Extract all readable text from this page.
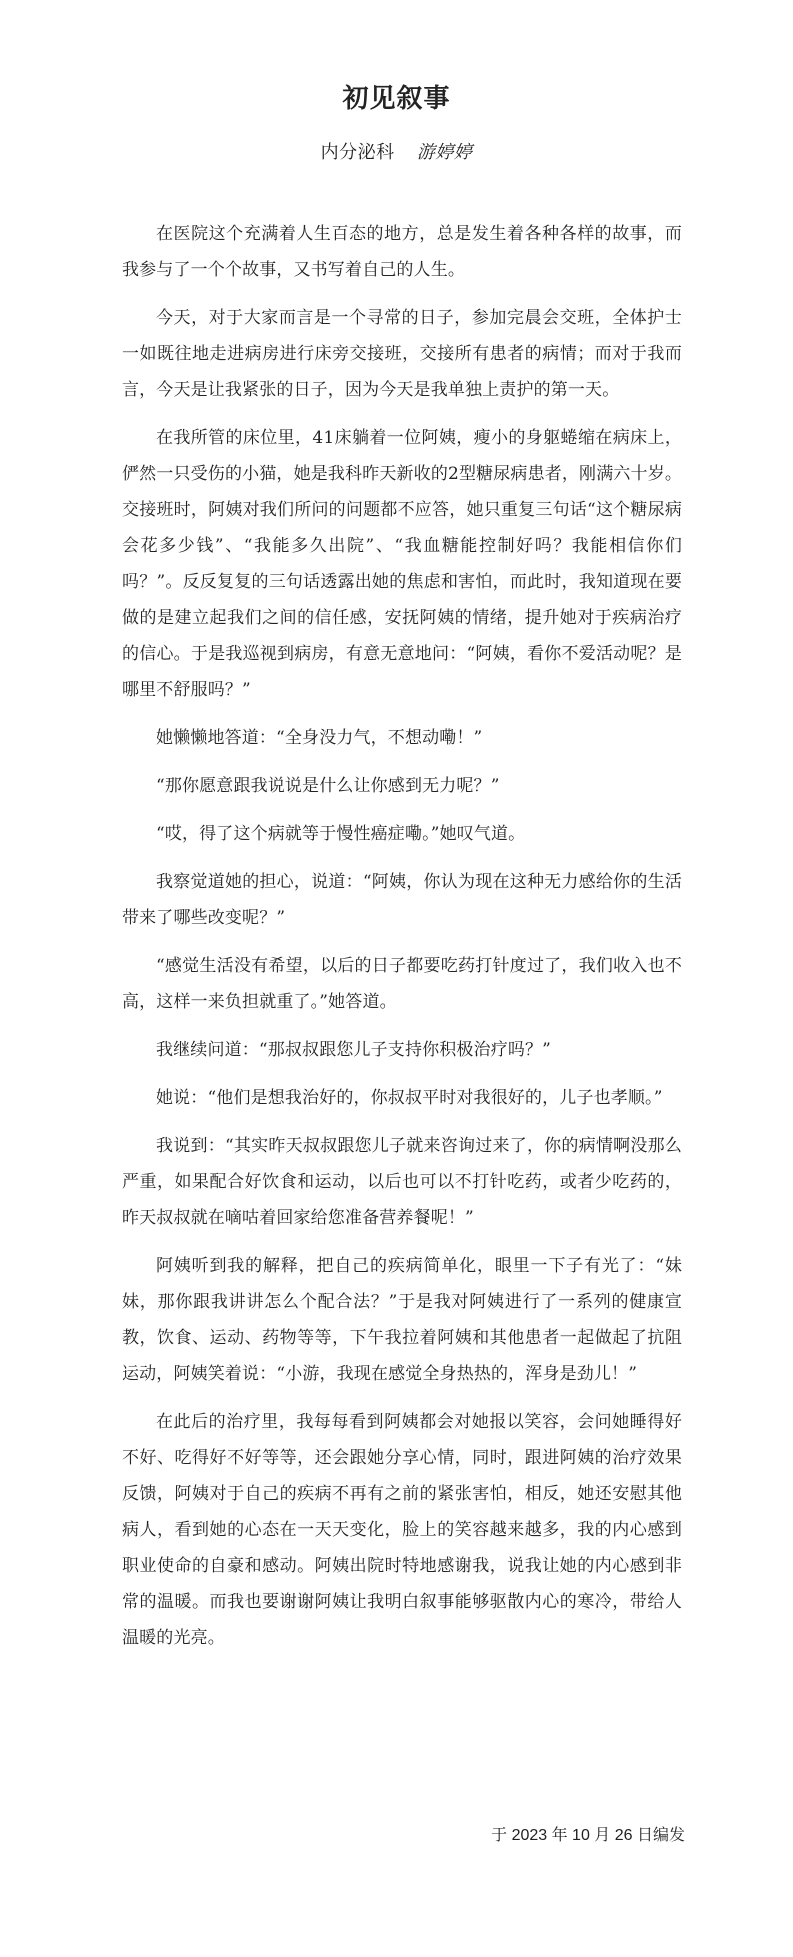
初见叙事
内分泌科 游婷婷

在医院这个充满着人生百态的地方，总是发生着各种各样的故事，而我参与了一个个故事，又书写着自己的人生。

今天，对于大家而言是一个寻常的日子，参加完晨会交班，全体护士一如既往地走进病房进行床旁交接班，交接所有患者的病情；而对于我而言，今天是让我紧张的日子，因为今天是我单独上责护的第一天。

在我所管的床位里，41床躺着一位阿姨，瘦小的身躯蜷缩在病床上，俨然一只受伤的小猫，她是我科昨天新收的2型糖尿病患者，刚满六十岁。交接班时，阿姨对我们所问的问题都不应答，她只重复三句话“这个糖尿病会花多少钱”、“我能多久出院”、“我血糖能控制好吗？我能相信你们吗？”。反反复复的三句话透露出她的焦虑和害怕，而此时，我知道现在要做的是建立起我们之间的信任感，安抚阿姨的情绪，提升她对于疾病治疗的信心。于是我巡视到病房，有意无意地问：“阿姨，看你不爱活动呢？是哪里不舒服吗？”

她懒懒地答道：“全身没力气，不想动嘞！”

“那你愿意跟我说说是什么让你感到无力呢？”

“哎，得了这个病就等于慢性癌症嘞。”她叹气道。

我察觉道她的担心，说道：“阿姨，你认为现在这种无力感给你的生活带来了哪些改变呢？”

“感觉生活没有希望，以后的日子都要吃药打针度过了，我们收入也不高，这样一来负担就重了。”她答道。

我继续问道：“那叔叔跟您儿子支持你积极治疗吗？”

她说：“他们是想我治好的，你叔叔平时对我很好的，儿子也孝顺。”

我说到：“其实昨天叔叔跟您儿子就来咨询过来了，你的病情啊没那么严重，如果配合好饮食和运动，以后也可以不打针吃药，或者少吃药的，昨天叔叔就在嘀咕着回家给您准备营养餐呢！”

阿姨听到我的解释，把自己的疾病简单化，眼里一下子有光了：“妹妹，那你跟我讲讲怎么个配合法？”于是我对阿姨进行了一系列的健康宣教，饮食、运动、药物等等，下午我拉着阿姨和其他患者一起做起了抗阻运动，阿姨笑着说：“小游，我现在感觉全身热热的，浑身是劲儿！”

在此后的治疗里，我每每看到阿姨都会对她报以笑容，会问她睡得好不好、吃得好不好等等，还会跟她分享心情，同时，跟进阿姨的治疗效果反馈，阿姨对于自己的疾病不再有之前的紧张害怕，相反，她还安慰其他病人，看到她的心态在一天天变化，脸上的笑容越来越多，我的内心感到职业使命的自豪和感动。阿姨出院时特地感谢我，说我让她的内心感到非常的温暖。而我也要谢谢阿姨让我明白叙事能够驱散内心的寒冷，带给人温暖的光亮。

于 2023 年 10 月 26 日编发
